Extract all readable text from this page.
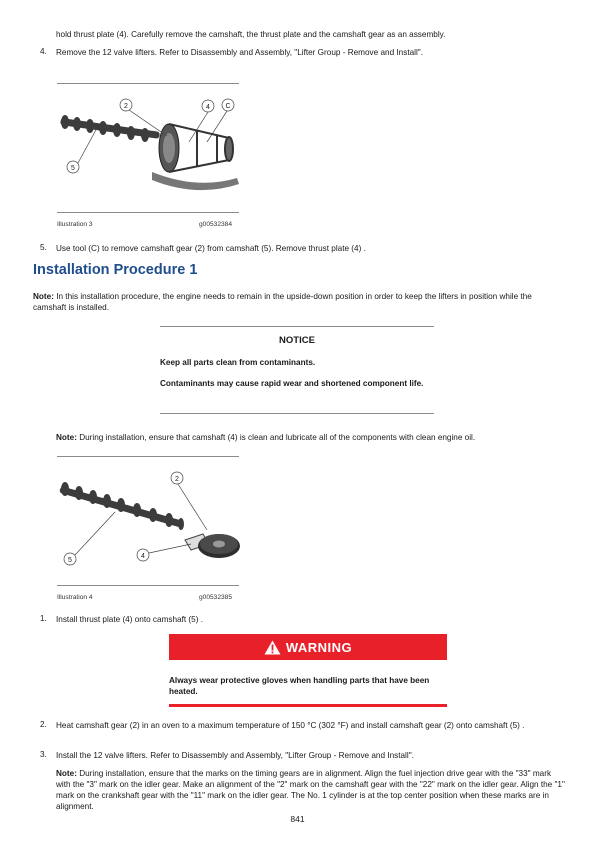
hold thrust plate (4). Carefully remove the camshaft, the thrust plate and the camshaft gear as an assembly.
4. Remove the 12 valve lifters. Refer to Disassembly and Assembly, "Lifter Group - Remove and Install".
2	4 C
5
Illustration 3	g00532384
5. Use tool (C) to remove camshaft gear (2) from camshaft (5). Remove thrust plate (4) .
Installation Procedure 1
Note: In this installation procedure, the engine needs to remain in the upside-down position in order to keep the lifters in position while the camshaft is installed.
NOTICE
Keep all parts clean from contaminants.
Contaminants may cause rapid wear and shortened component life.
Note: During installation, ensure that camshaft (4) is clean and lubricate all of the components with clean engine oil.
2
4
5
Illustration 4	g00532385
1. Install thrust plate (4) onto camshaft (5) .
WARNING
Always wear protective gloves when handling parts that have been heated.
2. Heat camshaft gear (2) in an oven to a maximum temperature of 150 °C (302 °F) and install camshaft gear (2) onto camshaft (5) .
3. Install the 12 valve lifters. Refer to Disassembly and Assembly, "Lifter Group - Remove and Install".
Note: During installation, ensure that the marks on the timing gears are in alignment. Align the fuel injection drive gear with the "33" mark with the "3" mark on the idler gear. Make an alignment of the "2" mark on the camshaft gear with the "22" mark on the idler gear. Align the "1" mark on the crankshaft gear with the "11" mark on the idler gear. The No. 1 cylinder is at the top center position when these marks are in alignment.
841
